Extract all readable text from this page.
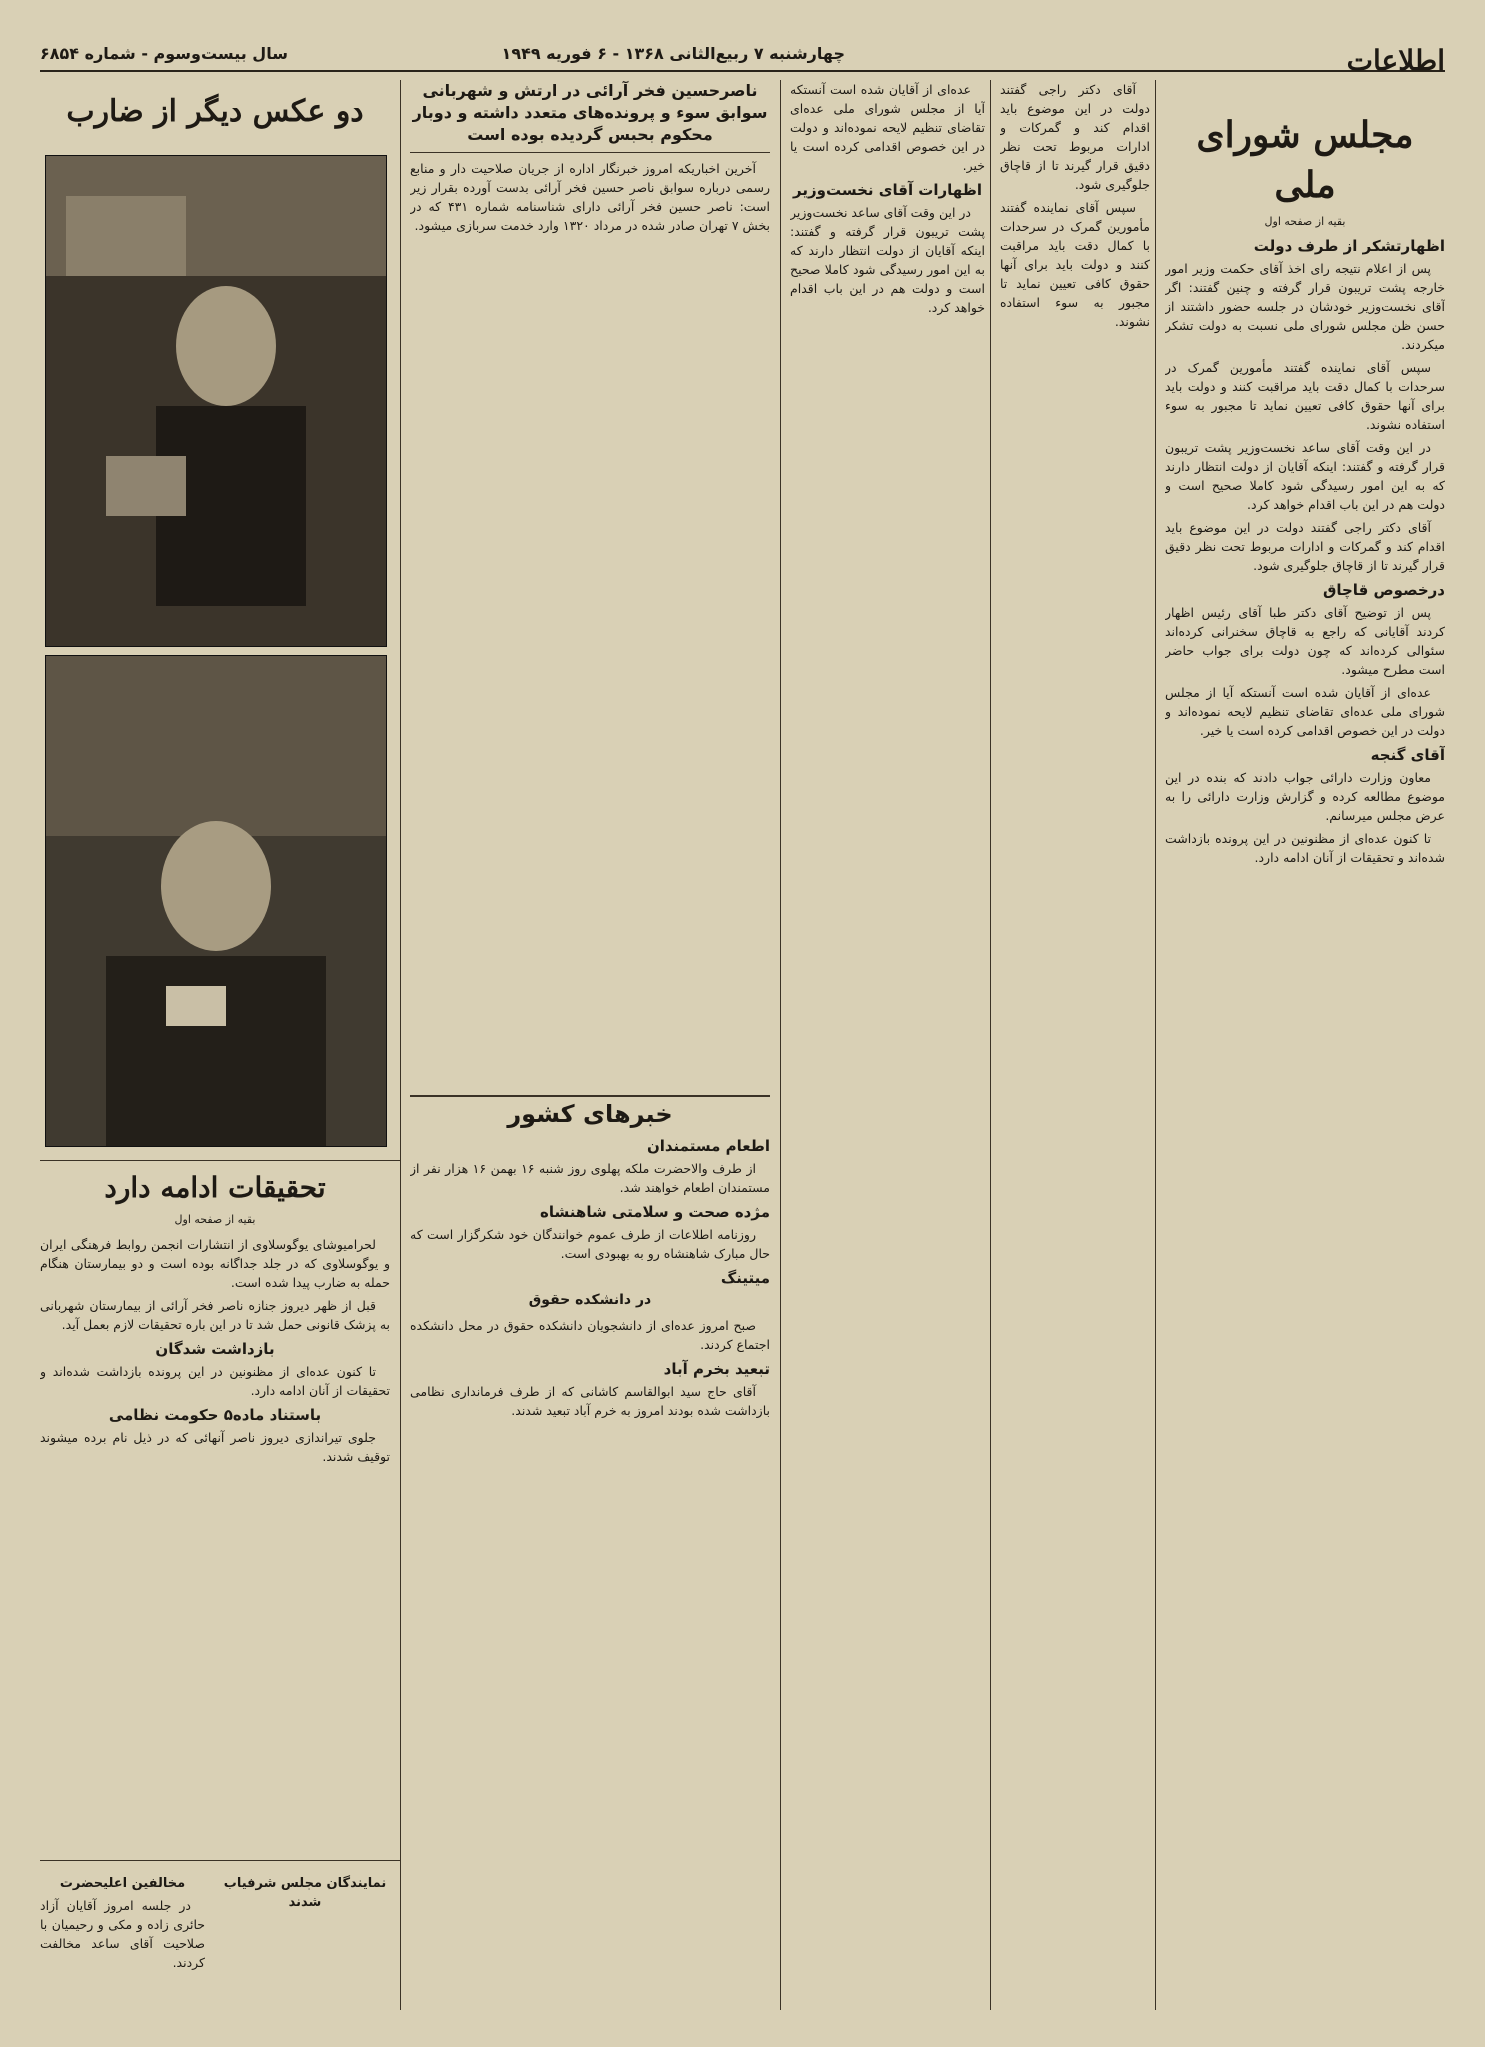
اطلاعات
چهارشنبه ۷ ربیع‌الثانی ۱۳۶۸ - ۶ فوریه ۱۹۴۹
سال بیست‌وسوم - شماره ۶۸۵۴
مجلس شورای ملی
بقیه از صفحه اول
اظهارتشکر از طرف دولت

پس از اعلام نتیجه رای اخذ آقای حکمت وزیر امور خارجه پشت تریبون قرار گرفته و چنین گفتند: اگر آقای نخست‌وزیر خودشان در جلسه حضور داشتند از حسن ظن مجلس شورای ملی نسبت به دولت تشکر میکردند.

سپس آقای نماینده گفتند مأمورین گمرک در سرحدات با کمال دقت باید مراقبت کنند و دولت باید برای آنها حقوق کافی تعیین نماید تا مجبور به سوء استفاده نشوند.

در این وقت آقای ساعد نخست‌وزیر پشت تریبون قرار گرفته و گفتند: اینکه آقایان از دولت انتظار دارند که به این امور رسیدگی شود کاملا صحیح است و دولت هم در این باب اقدام خواهد کرد.

آقای دکتر راجی گفتند دولت در این موضوع باید اقدام کند و گمرکات و ادارات مربوط تحت نظر دقیق قرار گیرند تا از قاچاق جلوگیری شود.

درخصوص قاچاق

پس از توضیح آقای دکتر طبا آقای رئیس اظهار کردند آقایانی که راجع به قاچاق سخنرانی کرده‌اند سئوالی کرده‌اند که چون دولت برای جواب حاضر است مطرح میشود.

عده‌ای از آقایان شده است آنستکه آیا از مجلس شورای ملی عده‌ای تقاضای تنظیم لایحه نموده‌اند و دولت در این خصوص اقدامی کرده است یا خیر.

آقای گنجه

معاون وزارت دارائی جواب دادند که بنده در این موضوع مطالعه کرده و گزارش وزارت دارائی را به عرض مجلس میرسانم.

تا کنون عده‌ای از مظنونین در این پرونده بازداشت شده‌اند و تحقیقات از آنان ادامه دارد.

آقای دکتر راجی گفتند دولت در این موضوع باید اقدام کند و گمرکات و ادارات مربوط تحت نظر دقیق قرار گیرند تا از قاچاق جلوگیری شود.

سپس آقای نماینده گفتند مأمورین گمرک در سرحدات با کمال دقت باید مراقبت کنند و دولت باید برای آنها حقوق کافی تعیین نماید تا مجبور به سوء استفاده نشوند.

عده‌ای از آقایان شده است آنستکه آیا از مجلس شورای ملی عده‌ای تقاضای تنظیم لایحه نموده‌اند و دولت در این خصوص اقدامی کرده است یا خیر.

اظهارات آقای نخست‌وزیر

در این وقت آقای ساعد نخست‌وزیر پشت تریبون قرار گرفته و گفتند: اینکه آقایان از دولت انتظار دارند که به این امور رسیدگی شود کاملا صحیح است و دولت هم در این باب اقدام خواهد کرد.

ناصرحسین فخر آرائی در ارتش و شهربانی سوابق سوء و پرونده‌های متعدد داشته و دوبار محکوم بحبس گردیده بوده است

آخرین اخباریکه امروز خبرنگار اداره از جریان صلاحیت دار و منابع رسمی درباره سوابق ناصر حسین فخر آرائی بدست آورده بقرار زیر است: ناصر حسین فخر آرائی دارای شناسنامه شماره ۴۳۱ که در بخش ۷ تهران صادر شده در مرداد ۱۳۲۰ وارد خدمت سربازی میشود.

خبرهای کشور
اطعام مستمندان

از طرف والاحضرت ملکه پهلوی روز شنبه ۱۶ بهمن ۱۶ هزار نفر از مستمندان اطعام خواهند شد.

مژده صحت و سلامتی شاهنشاه

روزنامه اطلاعات از طرف عموم خوانندگان خود شکرگزار است که حال مبارک شاهنشاه رو به بهبودی است.

میتینگ
در دانشکده حقوق

صبح امروز عده‌ای از دانشجویان دانشکده حقوق در محل دانشکده اجتماع کردند.

تبعید بخرم آباد

آقای حاج‌ سید ابوالقاسم کاشانی که از طرف فرمانداری نظامی بازداشت شده بودند امروز به خرم آباد تبعید شدند.

دو عکس دیگر از ضارب
تحقیقات ادامه دارد
بقیه از صفحه اول

لحرامیوشای یوگوسلاوی از انتشارات انجمن روابط فرهنگی ایران و یوگوسلاوی که در جلد جداگانه بوده است و دو بیمارستان هنگام حمله به ضارب پیدا شده است.

قبل از ظهر دیروز جنازه ناصر فخر آرائی از بیمارستان شهربانی به پزشک قانونی حمل شد تا در این باره تحقیقات لازم بعمل آید.

بازداشت شدگان

تا کنون عده‌ای از مظنونین در این پرونده بازداشت شده‌اند و تحقیقات از آنان ادامه دارد.

باستناد ماده۵ حکومت نظامی

جلوی تیراندازی دیروز ناصر آنهائی که در ذیل نام برده میشوند توقیف شدند.

نمایندگان مجلس شرفیاب شدند
مخالفین اعلیحضرت

در جلسه امروز آقایان آزاد حائری زاده و مکی و رحیمیان با صلاحیت آقای ساعد مخالفت کردند.
